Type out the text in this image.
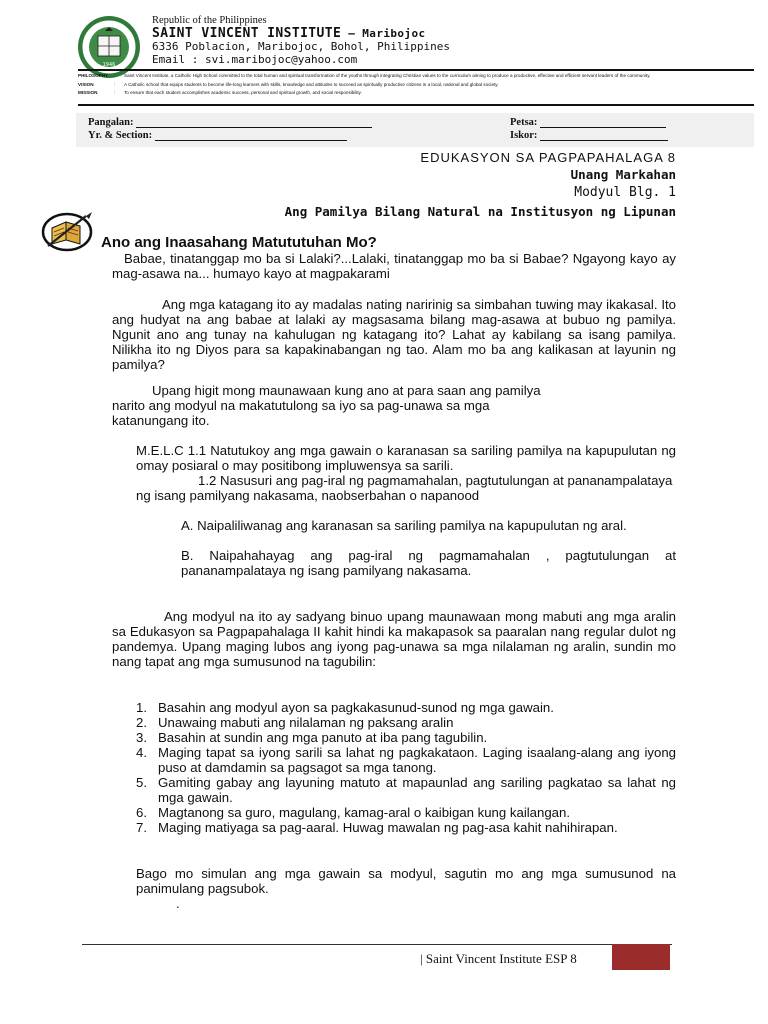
1946
Republic of the Philippines
SAINT VINCENT INSTITUTE – Maribojoc
6336 Poblacion, Maribojoc, Bohol, Philippines
Email : svi.maribojoc@yahoo.com
PHILOSOPHY	:	Saint Vincent Institute, a Catholic High School committed to the total human and spiritual transformation of the youths through integrating Christian values to the curriculum aiming to produce a productive, effective and efficient servant leaders of the community.
VISION	:	A Catholic school that equips students to become life-long learners with skills, knowledge and attitudes to succeed as spiritually productive citizens in a local, national and global society.
MISSION	:	To ensure that each student accomplishes academic success, personal and spiritual growth, and social responsibility.
Pangalan:	Petsa:
Yr. & Section:	Iskor:
EDUKASYON SA PAGPAPAHALAGA 8
Unang Markahan
Modyul Blg. 1
Ang Pamilya Bilang Natural na Institusyon ng Lipunan
Ano ang Inaasahang Matututuhan Mo?

Babae, tinatanggap mo ba si Lalaki?...Lalaki, tinatanggap mo ba si Babae? Ngayong kayo ay mag-asawa na... humayo kayo at magpakarami

Ang mga katagang ito ay madalas nating naririnig sa simbahan tuwing may ikakasal. Ito ang hudyat na ang babae at lalaki ay magsasama bilang mag-asawa at bubuo ng pamilya. Ngunit ano ang tunay na kahulugan ng katagang ito? Lahat ay kabilang sa isang pamilya. Nilikha ito ng Diyos para sa kapakinabangan ng tao. Alam mo ba ang kalikasan at layunin ng pamilya?

Upang higit mong maunawaan kung ano at para saan ang pamilya narito ang modyul na makatutulong sa iyo sa pag-unawa sa mga katanungang ito.

M.E.L.C 1.1 Natutukoy ang mga gawain o karanasan sa sariling pamilya na kapupulutan ng omay posiaral o may positibong impluwensya sa sarili.

1.2 Nasusuri ang pag-iral ng pagmamahalan, pagtutulungan at pananampalataya ng isang pamilyang nakasama, naobserbahan o napanood

A. Naipaliliwanag ang karanasan sa sariling pamilya na kapupulutan ng aral.

B. Naipahahayag ang pag-iral ng pagmamahalan , pagtutulungan at pananampalataya ng isang pamilyang nakasama.

Ang modyul na ito ay sadyang binuo upang maunawaan mong mabuti ang mga aralin sa Edukasyon sa Pagpapahalaga II kahit hindi ka makapasok sa paaralan nang regular dulot ng pandemya. Upang maging lubos ang iyong pag-unawa sa mga nilalaman ng aralin, sundin mo nang tapat ang mga sumusunod na tagubilin:

1. Basahin ang modyul ayon sa pagkakasunud-sunod ng mga gawain.
2. Unawaing mabuti ang nilalaman ng paksang aralin
3. Basahin at sundin ang mga panuto at iba pang tagubilin.
4. Maging tapat sa iyong sarili sa lahat ng pagkakataon. Laging isaalang-alang ang iyong puso at damdamin sa pagsagot sa mga tanong.
5. Gamiting gabay ang layuning matuto at mapaunlad ang sariling pagkatao sa lahat ng mga gawain.
6. Magtanong sa guro, magulang, kamag-aral o kaibigan kung kailangan.
7. Maging matiyaga sa pag-aaral. Huwag mawalan ng pag-asa kahit nahihirapan.

Bago mo simulan ang mga gawain sa modyul, sagutin mo ang mga sumusunod na panimulang pagsubok.

.

| Saint Vincent Institute ESP 8
